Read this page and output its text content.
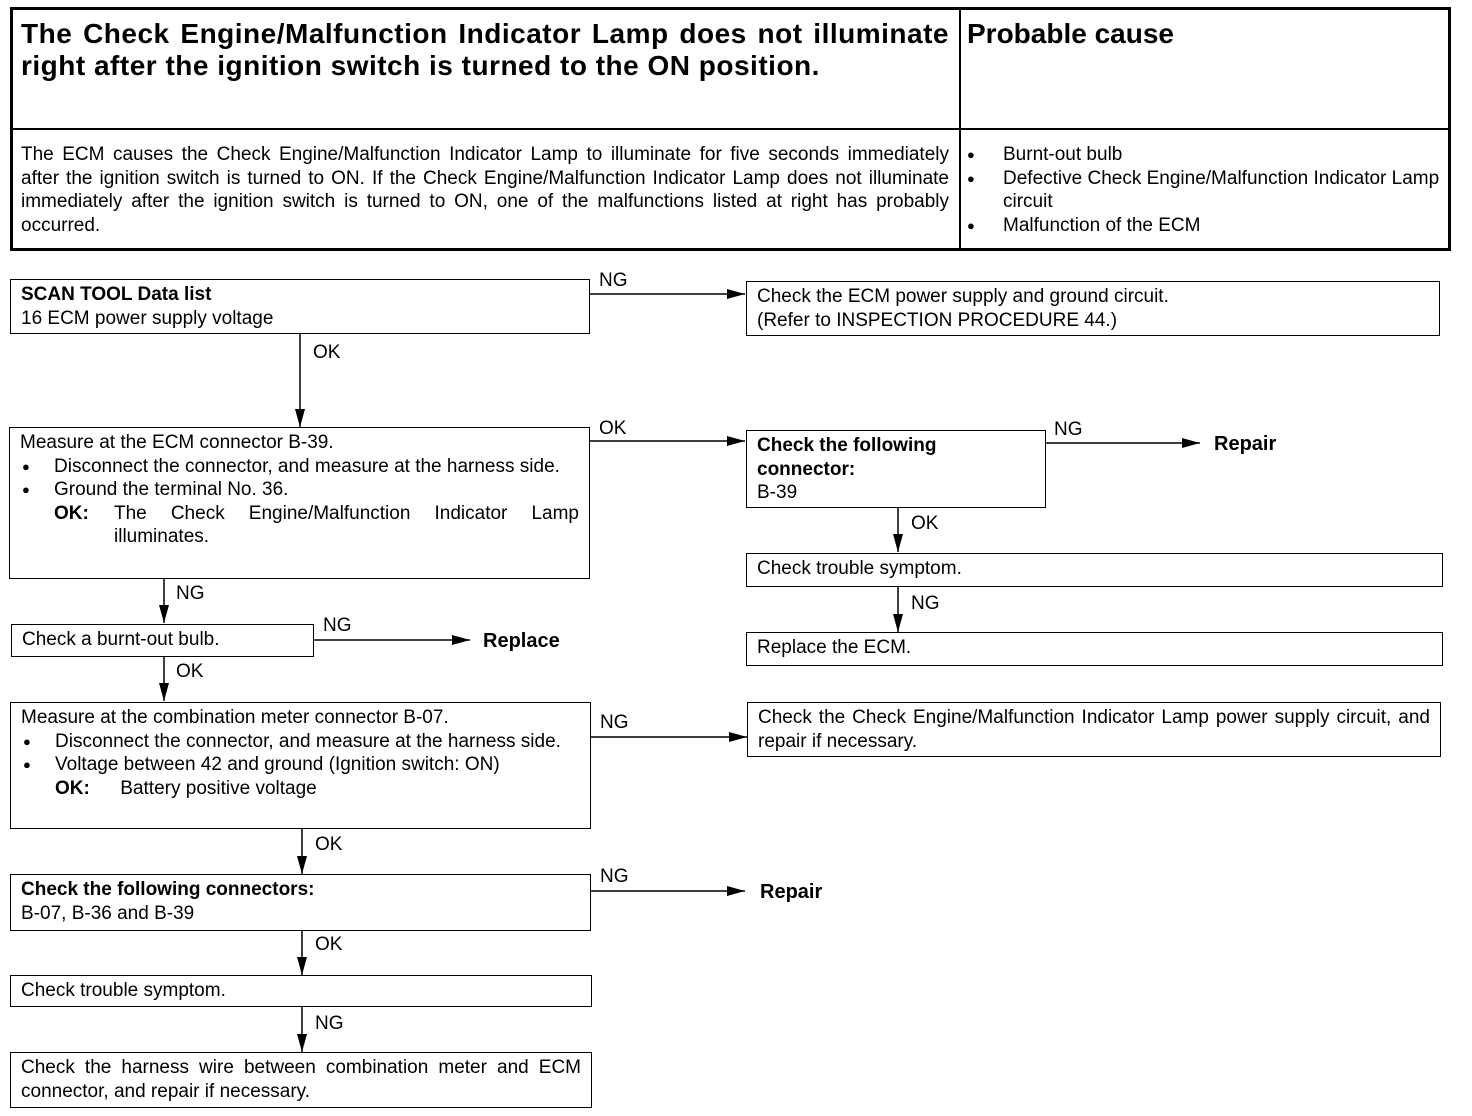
The Check Engine/Malfunction Indicator Lamp does not illuminate right after the ignition switch is turned to the ON position.
Probable cause
The ECM causes the Check Engine/Malfunction Indicator Lamp to illuminate for five seconds immediately after the ignition switch is turned to ON. If the Check Engine/Malfunction Indicator Lamp does not illuminate immediately after the ignition switch is turned to ON, one of the malfunctions listed at right has probably occurred.
● Burnt-out bulb
● Defective Check Engine/Malfunction Indicator Lamp circuit
● Malfunction of the ECM
SCAN TOOL Data list
16 ECM power supply voltage
Check the ECM power supply and ground circuit.
(Refer to INSPECTION PROCEDURE 44.)
Measure at the ECM connector B-39.
● Disconnect the connector, and measure at the harness side.
● Ground the terminal No. 36.
OK:	The Check Engine/Malfunction Indicator Lamp illuminates.
Check the following connector:
B-39
Check trouble symptom.
Replace the ECM.
Check a burnt-out bulb.
Measure at the combination meter connector B-07.
● Disconnect the connector, and measure at the harness side.
● Voltage between 42 and ground (Ignition switch: ON)
OK: Battery positive voltage
Check the Check Engine/Malfunction Indicator Lamp power supply circuit, and repair if necessary.
Check the following connectors:
B-07, B-36 and B-39
Check trouble symptom.
Check the harness wire between combination meter and ECM connector, and repair if necessary.
Repair
Replace
Repair
NG
OK
OK	NG
OK
NG
NG
NG
OK
NG
OK
NG
OK
NG
